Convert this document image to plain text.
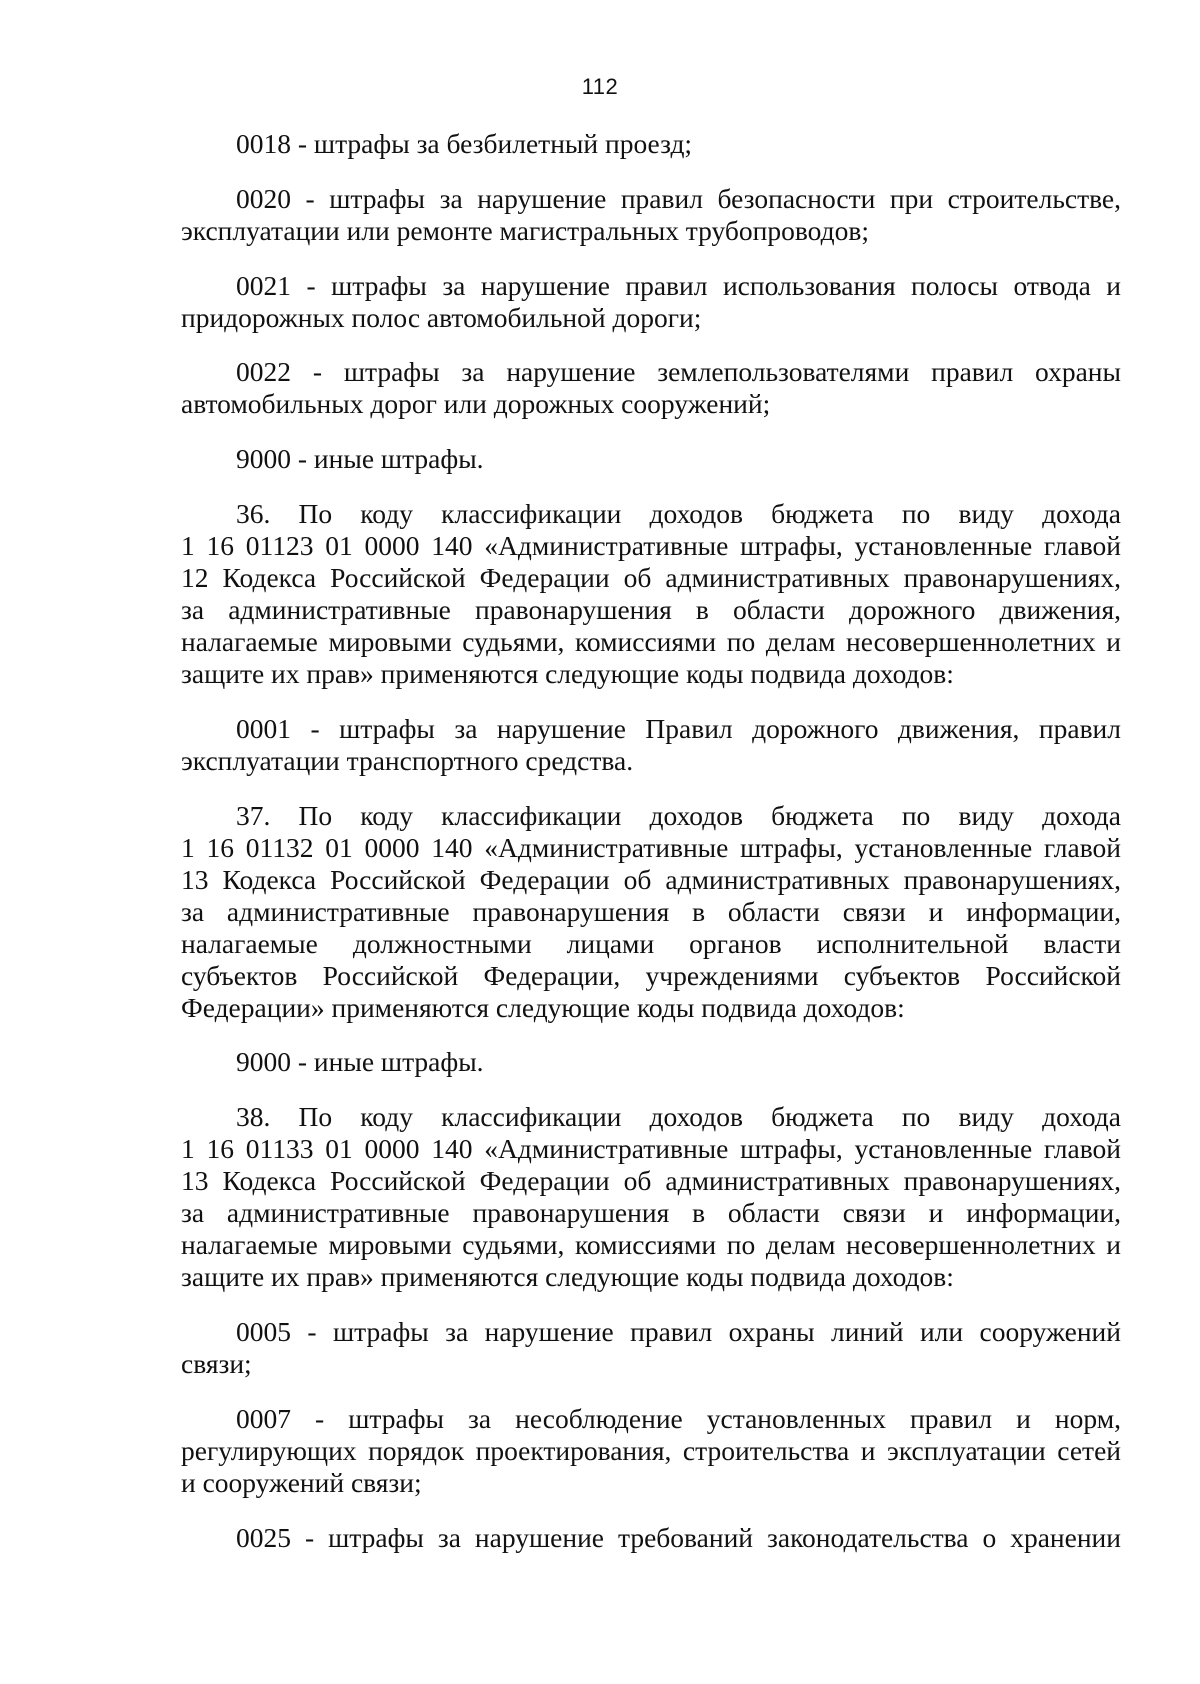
112

0018 - штрафы за безбилетный проезд;

0020 - штрафы за нарушение правил безопасности при строительстве,
эксплуатации или ремонте магистральных трубопроводов;

0021 - штрафы за нарушение правил использования полосы отвода и
придорожных полос автомобильной дороги;

0022 - штрафы за нарушение землепользователями правил охраны
автомобильных дорог или дорожных сооружений;

9000 - иные штрафы.

36. По коду классификации доходов бюджета по виду дохода
1 16 01123 01 0000 140 «Административные штрафы, установленные главой
12 Кодекса Российской Федерации об административных правонарушениях,
за административные правонарушения в области дорожного движения,
налагаемые мировыми судьями, комиссиями по делам несовершеннолетних и
защите их прав» применяются следующие коды подвида доходов:

0001 - штрафы за нарушение Правил дорожного движения, правил
эксплуатации транспортного средства.

37. По коду классификации доходов бюджета по виду дохода
1 16 01132 01 0000 140 «Административные штрафы, установленные главой
13 Кодекса Российской Федерации об административных правонарушениях,
за административные правонарушения в области связи и информации,
налагаемые должностными лицами органов исполнительной власти
субъектов Российской Федерации, учреждениями субъектов Российской
Федерации» применяются следующие коды подвида доходов:

9000 - иные штрафы.

38. По коду классификации доходов бюджета по виду дохода
1 16 01133 01 0000 140 «Административные штрафы, установленные главой
13 Кодекса Российской Федерации об административных правонарушениях,
за административные правонарушения в области связи и информации,
налагаемые мировыми судьями, комиссиями по делам несовершеннолетних и
защите их прав» применяются следующие коды подвида доходов:

0005 - штрафы за нарушение правил охраны линий или сооружений
связи;

0007 - штрафы за несоблюдение установленных правил и норм,
регулирующих порядок проектирования, строительства и эксплуатации сетей
и сооружений связи;

0025 - штрафы за нарушение требований законодательства о хранении
